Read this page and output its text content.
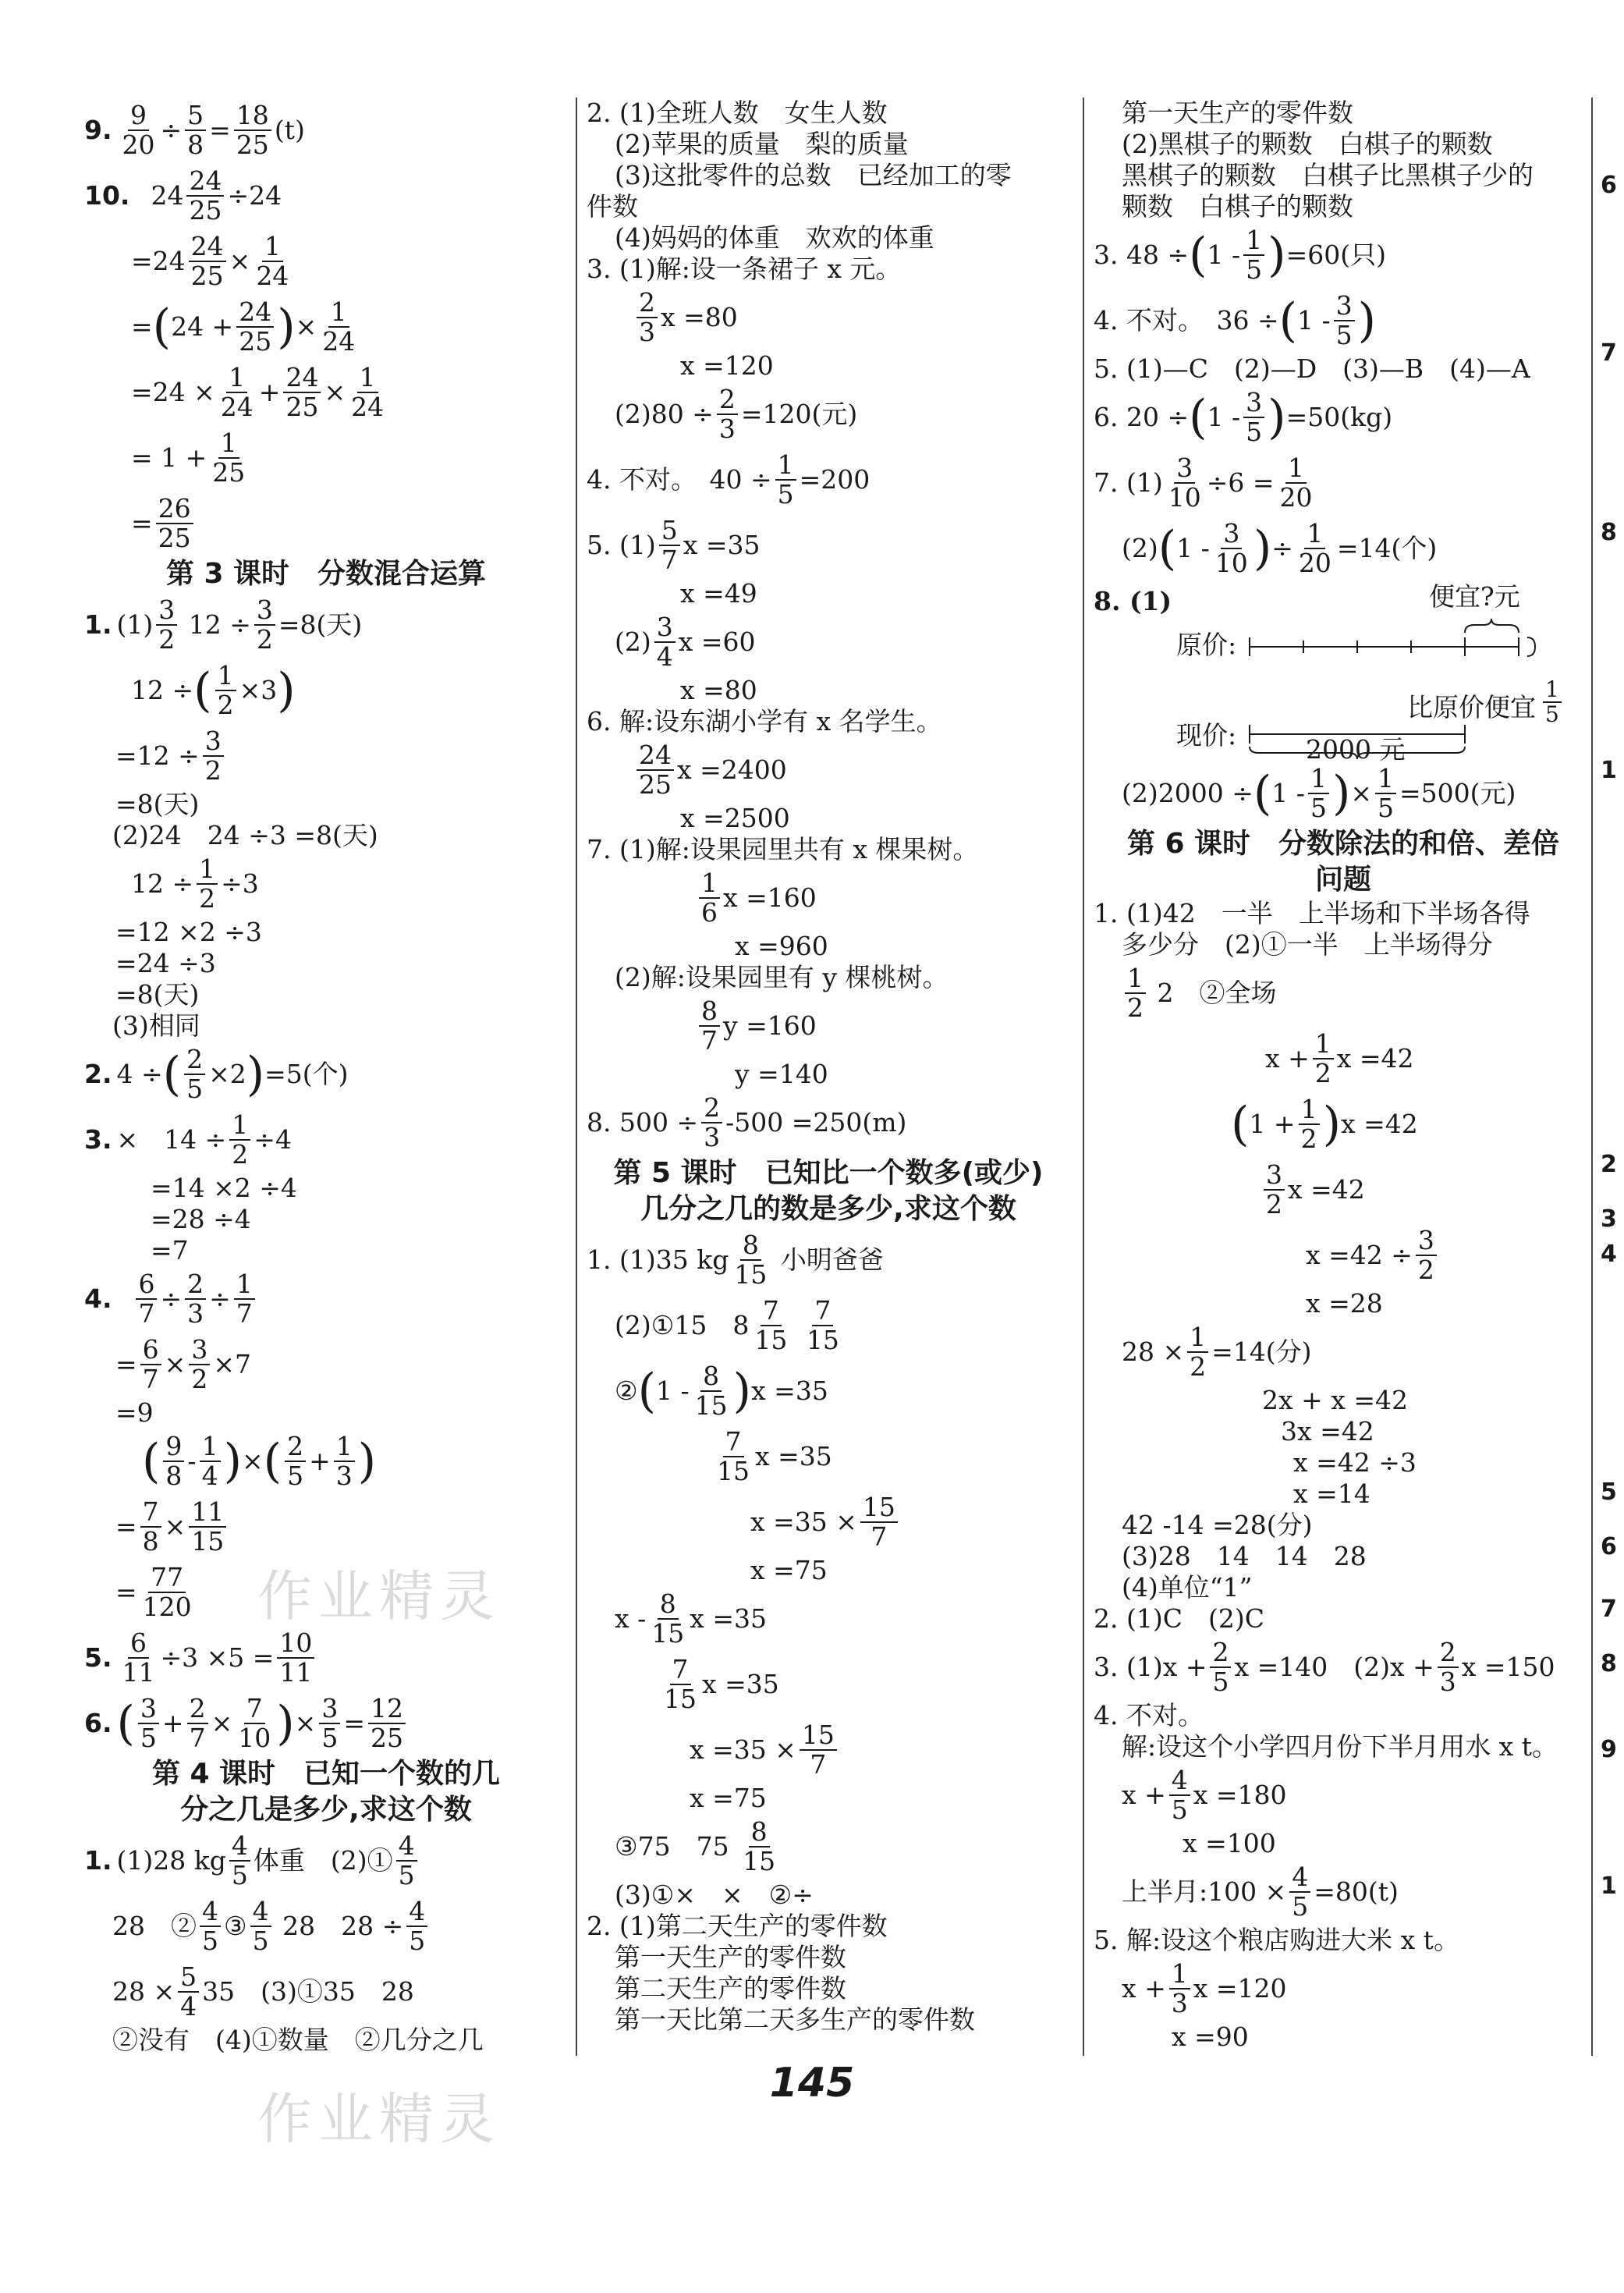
9. $\frac{9}{20} \div \frac{5}{8} = \frac{18}{25} (t)$
10.
$24 \frac{24}{25} \div 24$
$=24 \frac{24}{25} \times \frac{1}{24}$
= ( $24 + \frac{24}{25}$ ) × $\frac{1}{24}$
$=24 \times \frac{1}{24} + \frac{24}{25} \times \frac{1}{24}$
= $1 + \frac{1}{25}$
= $\frac{26}{25}$
第 3 课时　分数混合运算
1. $(1) \frac{3}{2}$
$12 \div \frac{3}{2} =8$(天)
12 ÷ ( $\frac{1}{2} \times 3$ )
$=12 \div \frac{3}{2}$
=8(天)
(2)24　24 ÷3 =8(天)
$12 \div \frac{1}{2} \div 3$
=12 ×2 ÷3
=24 ÷3
=8(天)
(3)相同
2. 4 ÷ ( $\frac{2}{5} \times 2$ ) =5(个)
3. ×　$14 \div \frac{1}{2} \div 4$
=14 ×2 ÷4
=28 ÷4
=7
4.
$\frac{6}{7} \div \frac{2}{3} \div \frac{1}{7}$
= $\frac{6}{7} \times \frac{3}{2} \times 7$
=9
( $\frac{9}{8} - \frac{1}{4}$ ) × ( $\frac{2}{5} + \frac{1}{3}$ )
= $\frac{7}{8} \times \frac{11}{15}$
= $\frac{77}{120}$
5. $\frac{6}{11} \div 3 \times 5 = \frac{10}{11}$
6. ( $\frac{3}{5} + \frac{2}{7} \times \frac{7}{10}$ ) × $\frac{3}{5} = \frac{12}{25}$
第 4 课时　已知一个数的几
分之几是多少,求这个数
1. (1)28 kg $\frac{4}{5}$ 体重　(2)① $\frac{4}{5}$
28　② $\frac{4}{5}$ ③ $\frac{4}{5}$
28　$28 \div \frac{4}{5}$
$28 \times \frac{5}{4} 35$　(3)①35　28
②没有　(4)①数量　②几分之几
2. (1)全班人数　女生人数
(2)苹果的质量　梨的质量
(3)这批零件的总数　已经加工的零
件数
(4)妈妈的体重　欢欢的体重
3. (1)解:设一条裙子 x 元。
$\frac{2}{3}$ x =80
x =120
$(2)80 \div \frac{2}{3} =120$(元)
4. 不对。　$40 \div \frac{1}{5} =200$
5. $(1) \frac{5}{7}$ x =35
x =49
$(2) \frac{3}{4}$ x =60
x =80
6. 解:设东湖小学有 x 名学生。
$\frac{24}{25}$ x =2400
x =2500
7. (1)解:设果园里共有 x 棵果树。
$\frac{1}{6}$ x =160
x =960
(2)解:设果园里有 y 棵桃树。
$\frac{8}{7}$ y =160
y =140
8. $500 \div \frac{2}{3} -500 =250(m)$
第 5 课时　已知比一个数多(或少)
几分之几的数是多少,求这个数
1. (1)35 kg $\frac{8}{15}$
小明爸爸
(2)①15　$8 \frac{7}{15}$
$\frac{7}{15}$
② ( $1 - \frac{8}{15}$ ) x =35
$\frac{7}{15}$ x =35
$x =35 \times \frac{15}{7}$
x =75
x - $\frac{8}{15}$ x =35
$\frac{7}{15}$ x =35
$x =35 \times \frac{15}{7}$
x =75
③75　75
$\frac{8}{15}$
(3)①×　×　②÷
2. (1)第二天生产的零件数
第一天生产的零件数
第二天生产的零件数
第一天比第二天多生产的零件数
第一天生产的零件数
(2)黑棋子的颗数　白棋子的颗数
黑棋子的颗数　白棋子比黑棋子少的
颗数　白棋子的颗数
3. 48 ÷ ( $1 - \frac{1}{5}$ ) =60(只)
4. 不对。　36 ÷ ( $1 - \frac{3}{5}$ )
5. (1)—C　(2)—D　(3)—B　(4)—A
6. 20 ÷ ( $1 - \frac{3}{5}$ ) =50(kg)
7. $(1) \frac{3}{10} \div 6 = \frac{1}{20}$
(2) ( $1 - \frac{3}{10}$ ) ÷ $\frac{1}{20} =14$(个)
8. (1)	便宜?元
原价:
比原价便宜 $\frac{1}{5}$
现价:	2000 元
(2)2000 ÷ ( $1 - \frac{1}{5}$ ) × $\frac{1}{5} =500$(元)
第 6 课时　分数除法的和倍、差倍
问题
1. (1)42　一半　上半场和下半场各得
多少分　(2)①一半　上半场得分
$\frac{1}{2}$
2　②全场
$x + \frac{1}{2}$ x =42
( $1 + \frac{1}{2}$ ) x =42
$\frac{3}{2}$ x =42
$x =42 \div \frac{3}{2}$
x =28
$28 \times \frac{1}{2} =14$(分)
2x + x =42
3x =42
x =42 ÷3
x =14
42 -14 =28(分)
(3)28　14　14　28
(4)单位“1”
2. (1)C　(2)C
3. $(1)x + \frac{2}{5}$ x =140　$(2)x + \frac{2}{3}$ x =150
4. 不对。
解:设这个小学四月份下半月用水 x t。
$x + \frac{4}{5}$ x =180
x =100
上半月:100 × $\frac{4}{5} =80(t)$
5. 解:设这个粮店购进大米 x t。
$x + \frac{1}{3}$ x =120
x =90
6
7
8
1
2
3
4
5
6
7
8
9
1
作业精灵
作业精灵
145
